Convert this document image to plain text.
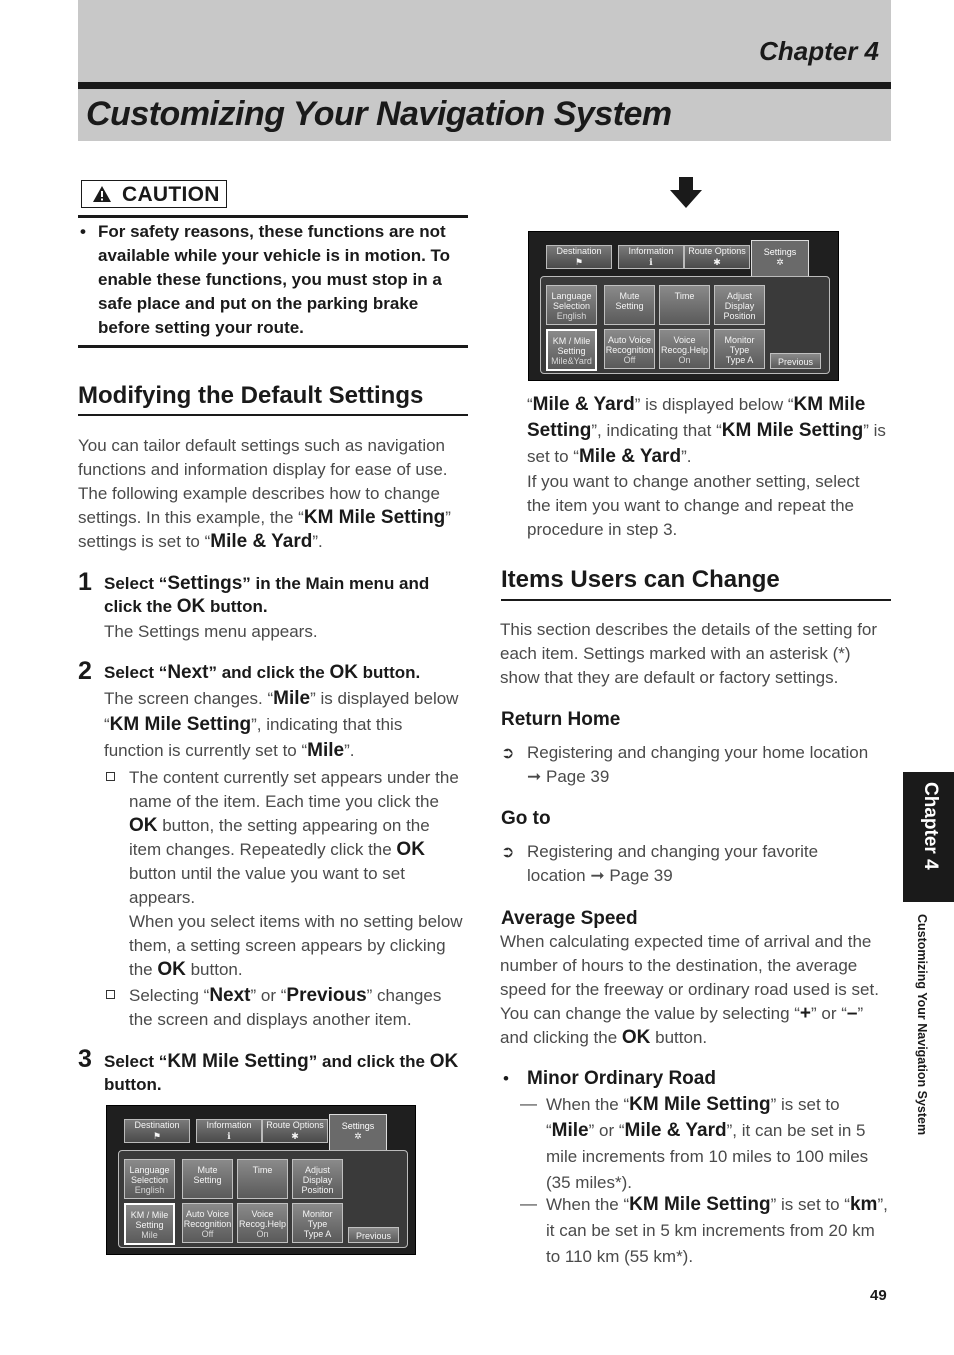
Chapter 4
Customizing Your Navigation System
CAUTION
• For safety reasons, these functions are not available while your vehicle is in motion. To enable these functions, you must stop in a safe place and put on the parking brake before setting your route.
Modifying the Default Settings
You can tailor default settings such as navigation functions and information display for ease of use. The following example describes how to change settings. In this example, the “KM Mile Setting” settings is set to “Mile & Yard”.
1 Select “Settings” in the Main menu and click the OK button.
The Settings menu appears.
2 Select “Next” and click the OK button.
The screen changes. “Mile” is displayed below “KM Mile Setting”, indicating that this function is currently set to “Mile”.
The content currently set appears under the name of the item. Each time you click the OK button, the setting appearing on the item changes. Repeatedly click the OK button until the value you want to set appears.
When you select items with no setting below them, a setting screen appears by clicking the OK button.
Selecting “Next” or “Previous” changes the screen and displays another item.
3 Select “KM Mile Setting” and click the OK button.
Destination
⚑
Information
ℹ
Route Options
✱
Settings
✲
Language
Selection
English
Mute
Setting
Time	Adjust
Display
Position
KM / Mile
Setting
Mile
Auto Voice
Recognition
Off
Voice
Recog.Help
On
Monitor
Type
Type A	Previous
Destination
⚑
Information
ℹ
Route Options
✱
Settings
✲
Language
Selection
English
Mute
Setting
Time	Adjust
Display
Position
KM / Mile
Setting
Mile&Yard
Auto Voice
Recognition
Off
Voice
Recog.Help
On
Monitor
Type
Type A	Previous
“Mile & Yard” is displayed below “KM Mile Setting”, indicating that “KM Mile Setting” is set to “Mile & Yard”.
If you want to change another setting, select the item you want to change and repeat the procedure in step 3.
Items Users can Change
This section describes the details of the setting for each item. Settings marked with an asterisk (*) show that they are default or factory settings.
Return Home
➲ Registering and changing your home location
➞ Page 39
Go to
➲ Registering and changing your favorite location ➞ Page 39
Average Speed
When calculating expected time of arrival and the number of hours to the destination, the average speed for the freeway or ordinary road used is set. You can change the value by selecting “+” or “–” and clicking the OK button.
• Minor Ordinary Road
— When the “KM Mile Setting” is set to “Mile” or “Mile & Yard”, it can be set in 5 mile increments from 10 miles to 100 miles (35 miles*).
— When the “KM Mile Setting” is set to “km”, it can be set in 5 km increments from 20 km to 110 km (55 km*).
Chapter 4
Customizing Your Navigation System
49
